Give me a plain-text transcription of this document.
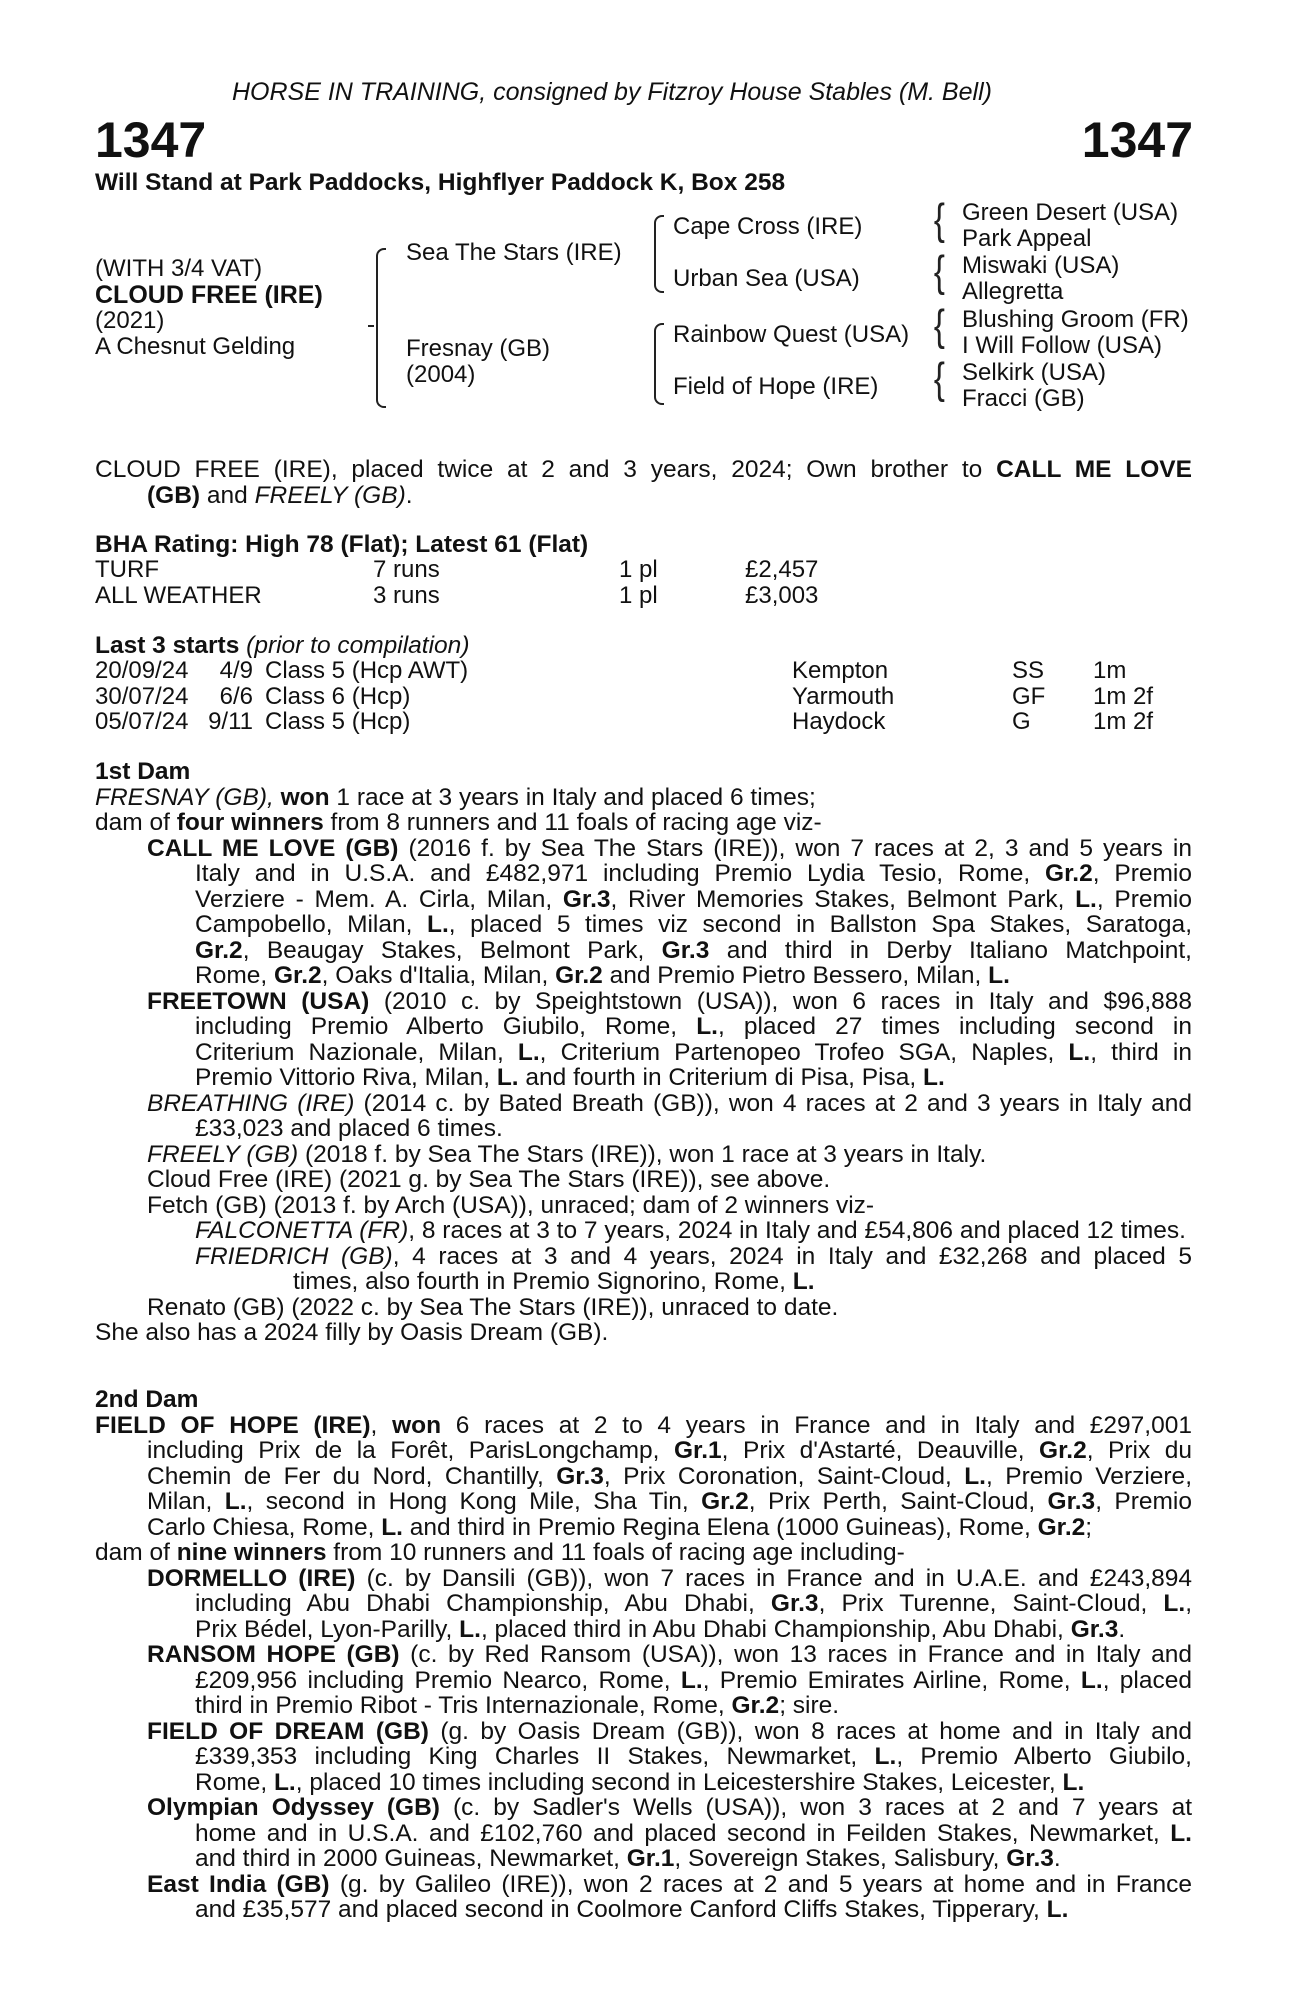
HORSE IN TRAINING, consigned by Fitzroy House Stables (M. Bell)
1347	1347
Will Stand at Park Paddocks, Highflyer Paddock K, Box 258
(WITH 3/4 VAT)
CLOUD FREE (IRE)
(2021)
A Chesnut Gelding
Sea The Stars (IRE)
Fresnay (GB)
(2004)
Cape Cross (IRE)
Urban Sea (USA)
Rainbow Quest (USA)
Field of Hope (IRE)
{
{
{
{
Green Desert (USA)
Park Appeal
Miswaki (USA)
Allegretta
Blushing Groom (FR)
I Will Follow (USA)
Selkirk (USA)
Fracci (GB)
CLOUD FREE (IRE), placed twice at 2 and 3 years, 2024; Own brother to CALL ME LOVE
(GB) and FREELY (GB).
BHA Rating: High 78 (Flat); Latest 61 (Flat)
TURF	7 runs	1 pl	£2,457
ALL WEATHER	3 runs	1 pl	£3,003
Last 3 starts (prior to compilation)
20/09/24	4/9	Class 5 (Hcp AWT)	Kempton	SS	1m
30/07/24	6/6	Class 6 (Hcp)	Yarmouth	GF	1m 2f
05/07/24	9/11	Class 5 (Hcp)	Haydock	G	1m 2f
1st Dam
FRESNAY (GB), won 1 race at 3 years in Italy and placed 6 times;
dam of four winners from 8 runners and 11 foals of racing age viz-
CALL ME LOVE (GB) (2016 f. by Sea The Stars (IRE)), won 7 races at 2, 3 and 5 years in
Italy and in U.S.A. and £482,971 including Premio Lydia Tesio, Rome, Gr.2, Premio
Verziere - Mem. A. Cirla, Milan, Gr.3, River Memories Stakes, Belmont Park, L., Premio
Campobello, Milan, L., placed 5 times viz second in Ballston Spa Stakes, Saratoga,
Gr.2, Beaugay Stakes, Belmont Park, Gr.3 and third in Derby Italiano Matchpoint,
Rome, Gr.2, Oaks d'Italia, Milan, Gr.2 and Premio Pietro Bessero, Milan, L.
FREETOWN (USA) (2010 c. by Speightstown (USA)), won 6 races in Italy and $96,888
including Premio Alberto Giubilo, Rome, L., placed 27 times including second in
Criterium Nazionale, Milan, L., Criterium Partenopeo Trofeo SGA, Naples, L., third in
Premio Vittorio Riva, Milan, L. and fourth in Criterium di Pisa, Pisa, L.
BREATHING (IRE) (2014 c. by Bated Breath (GB)), won 4 races at 2 and 3 years in Italy and
£33,023 and placed 6 times.
FREELY (GB) (2018 f. by Sea The Stars (IRE)), won 1 race at 3 years in Italy.
Cloud Free (IRE) (2021 g. by Sea The Stars (IRE)), see above.
Fetch (GB) (2013 f. by Arch (USA)), unraced; dam of 2 winners viz-
FALCONETTA (FR), 8 races at 3 to 7 years, 2024 in Italy and £54,806 and placed 12 times.
FRIEDRICH (GB), 4 races at 3 and 4 years, 2024 in Italy and £32,268 and placed 5
times, also fourth in Premio Signorino, Rome, L.
Renato (GB) (2022 c. by Sea The Stars (IRE)), unraced to date.
She also has a 2024 filly by Oasis Dream (GB).
2nd Dam
FIELD OF HOPE (IRE), won 6 races at 2 to 4 years in France and in Italy and £297,001
including Prix de la Forêt, ParisLongchamp, Gr.1, Prix d'Astarté, Deauville, Gr.2, Prix du
Chemin de Fer du Nord, Chantilly, Gr.3, Prix Coronation, Saint-Cloud, L., Premio Verziere,
Milan, L., second in Hong Kong Mile, Sha Tin, Gr.2, Prix Perth, Saint-Cloud, Gr.3, Premio
Carlo Chiesa, Rome, L. and third in Premio Regina Elena (1000 Guineas), Rome, Gr.2;
dam of nine winners from 10 runners and 11 foals of racing age including-
DORMELLO (IRE) (c. by Dansili (GB)), won 7 races in France and in U.A.E. and £243,894
including Abu Dhabi Championship, Abu Dhabi, Gr.3, Prix Turenne, Saint-Cloud, L.,
Prix Bédel, Lyon-Parilly, L., placed third in Abu Dhabi Championship, Abu Dhabi, Gr.3.
RANSOM HOPE (GB) (c. by Red Ransom (USA)), won 13 races in France and in Italy and
£209,956 including Premio Nearco, Rome, L., Premio Emirates Airline, Rome, L., placed
third in Premio Ribot - Tris Internazionale, Rome, Gr.2; sire.
FIELD OF DREAM (GB) (g. by Oasis Dream (GB)), won 8 races at home and in Italy and
£339,353 including King Charles II Stakes, Newmarket, L., Premio Alberto Giubilo,
Rome, L., placed 10 times including second in Leicestershire Stakes, Leicester, L.
Olympian Odyssey (GB) (c. by Sadler's Wells (USA)), won 3 races at 2 and 7 years at
home and in U.S.A. and £102,760 and placed second in Feilden Stakes, Newmarket, L.
and third in 2000 Guineas, Newmarket, Gr.1, Sovereign Stakes, Salisbury, Gr.3.
East India (GB) (g. by Galileo (IRE)), won 2 races at 2 and 5 years at home and in France
and £35,577 and placed second in Coolmore Canford Cliffs Stakes, Tipperary, L.
